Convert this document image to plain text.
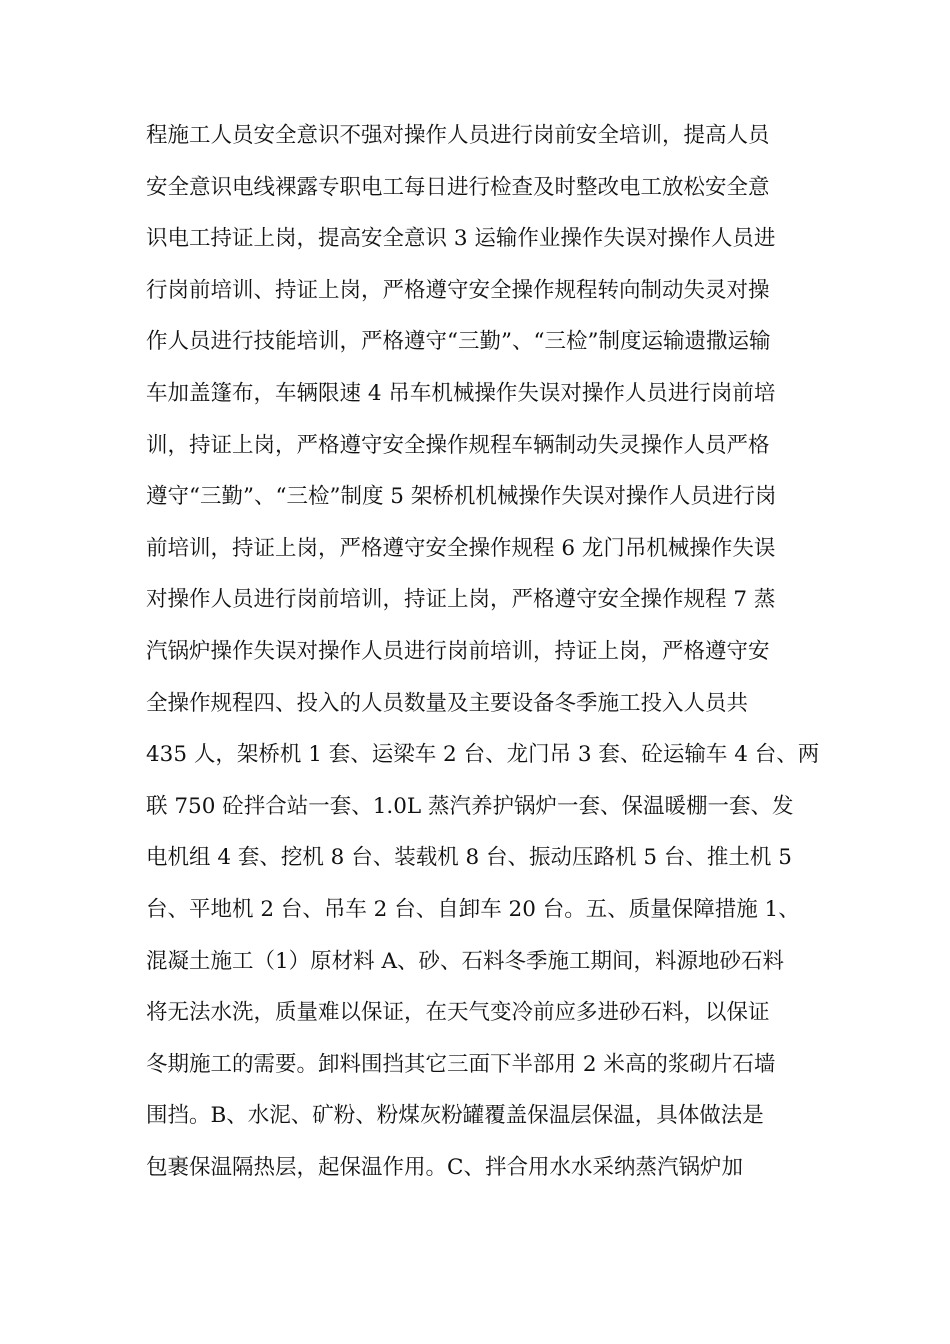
程施工人员安全意识不强对操作人员进行岗前安全培训，提高人员
安全意识电线裸露专职电工每日进行检查及时整改电工放松安全意
识电工持证上岗，提高安全意识 3 运输作业操作失误对操作人员进
行岗前培训、持证上岗，严格遵守安全操作规程转向制动失灵对操
作人员进行技能培训，严格遵守“三勤”、“三检”制度运输遗撒运输
车加盖篷布，车辆限速 4 吊车机械操作失误对操作人员进行岗前培
训，持证上岗，严格遵守安全操作规程车辆制动失灵操作人员严格
遵守“三勤”、“三检”制度 5 架桥机机械操作失误对操作人员进行岗
前培训，持证上岗，严格遵守安全操作规程 6 龙门吊机械操作失误
对操作人员进行岗前培训，持证上岗，严格遵守安全操作规程 7 蒸
汽锅炉操作失误对操作人员进行岗前培训，持证上岗，严格遵守安
全操作规程四、投入的人员数量及主要设备冬季施工投入人员共
435 人，架桥机 1 套、运梁车 2 台、龙门吊 3 套、砼运输车 4 台、两
联 750 砼拌合站一套、1.0L 蒸汽养护锅炉一套、保温暖棚一套、发
电机组 4 套、挖机 8 台、装载机 8 台、振动压路机 5 台、推土机 5
台、平地机 2 台、吊车 2 台、自卸车 20 台。五、质量保障措施 1、
混凝土施工（1）原材料 A、砂、石料冬季施工期间，料源地砂石料
将无法水洗，质量难以保证，在天气变冷前应多进砂石料，以保证
冬期施工的需要。卸料围挡其它三面下半部用 2 米高的浆砌片石墙
围挡。B、水泥、矿粉、粉煤灰粉罐覆盖保温层保温，具体做法是
包裹保温隔热层，起保温作用。C、拌合用水水采纳蒸汽锅炉加
